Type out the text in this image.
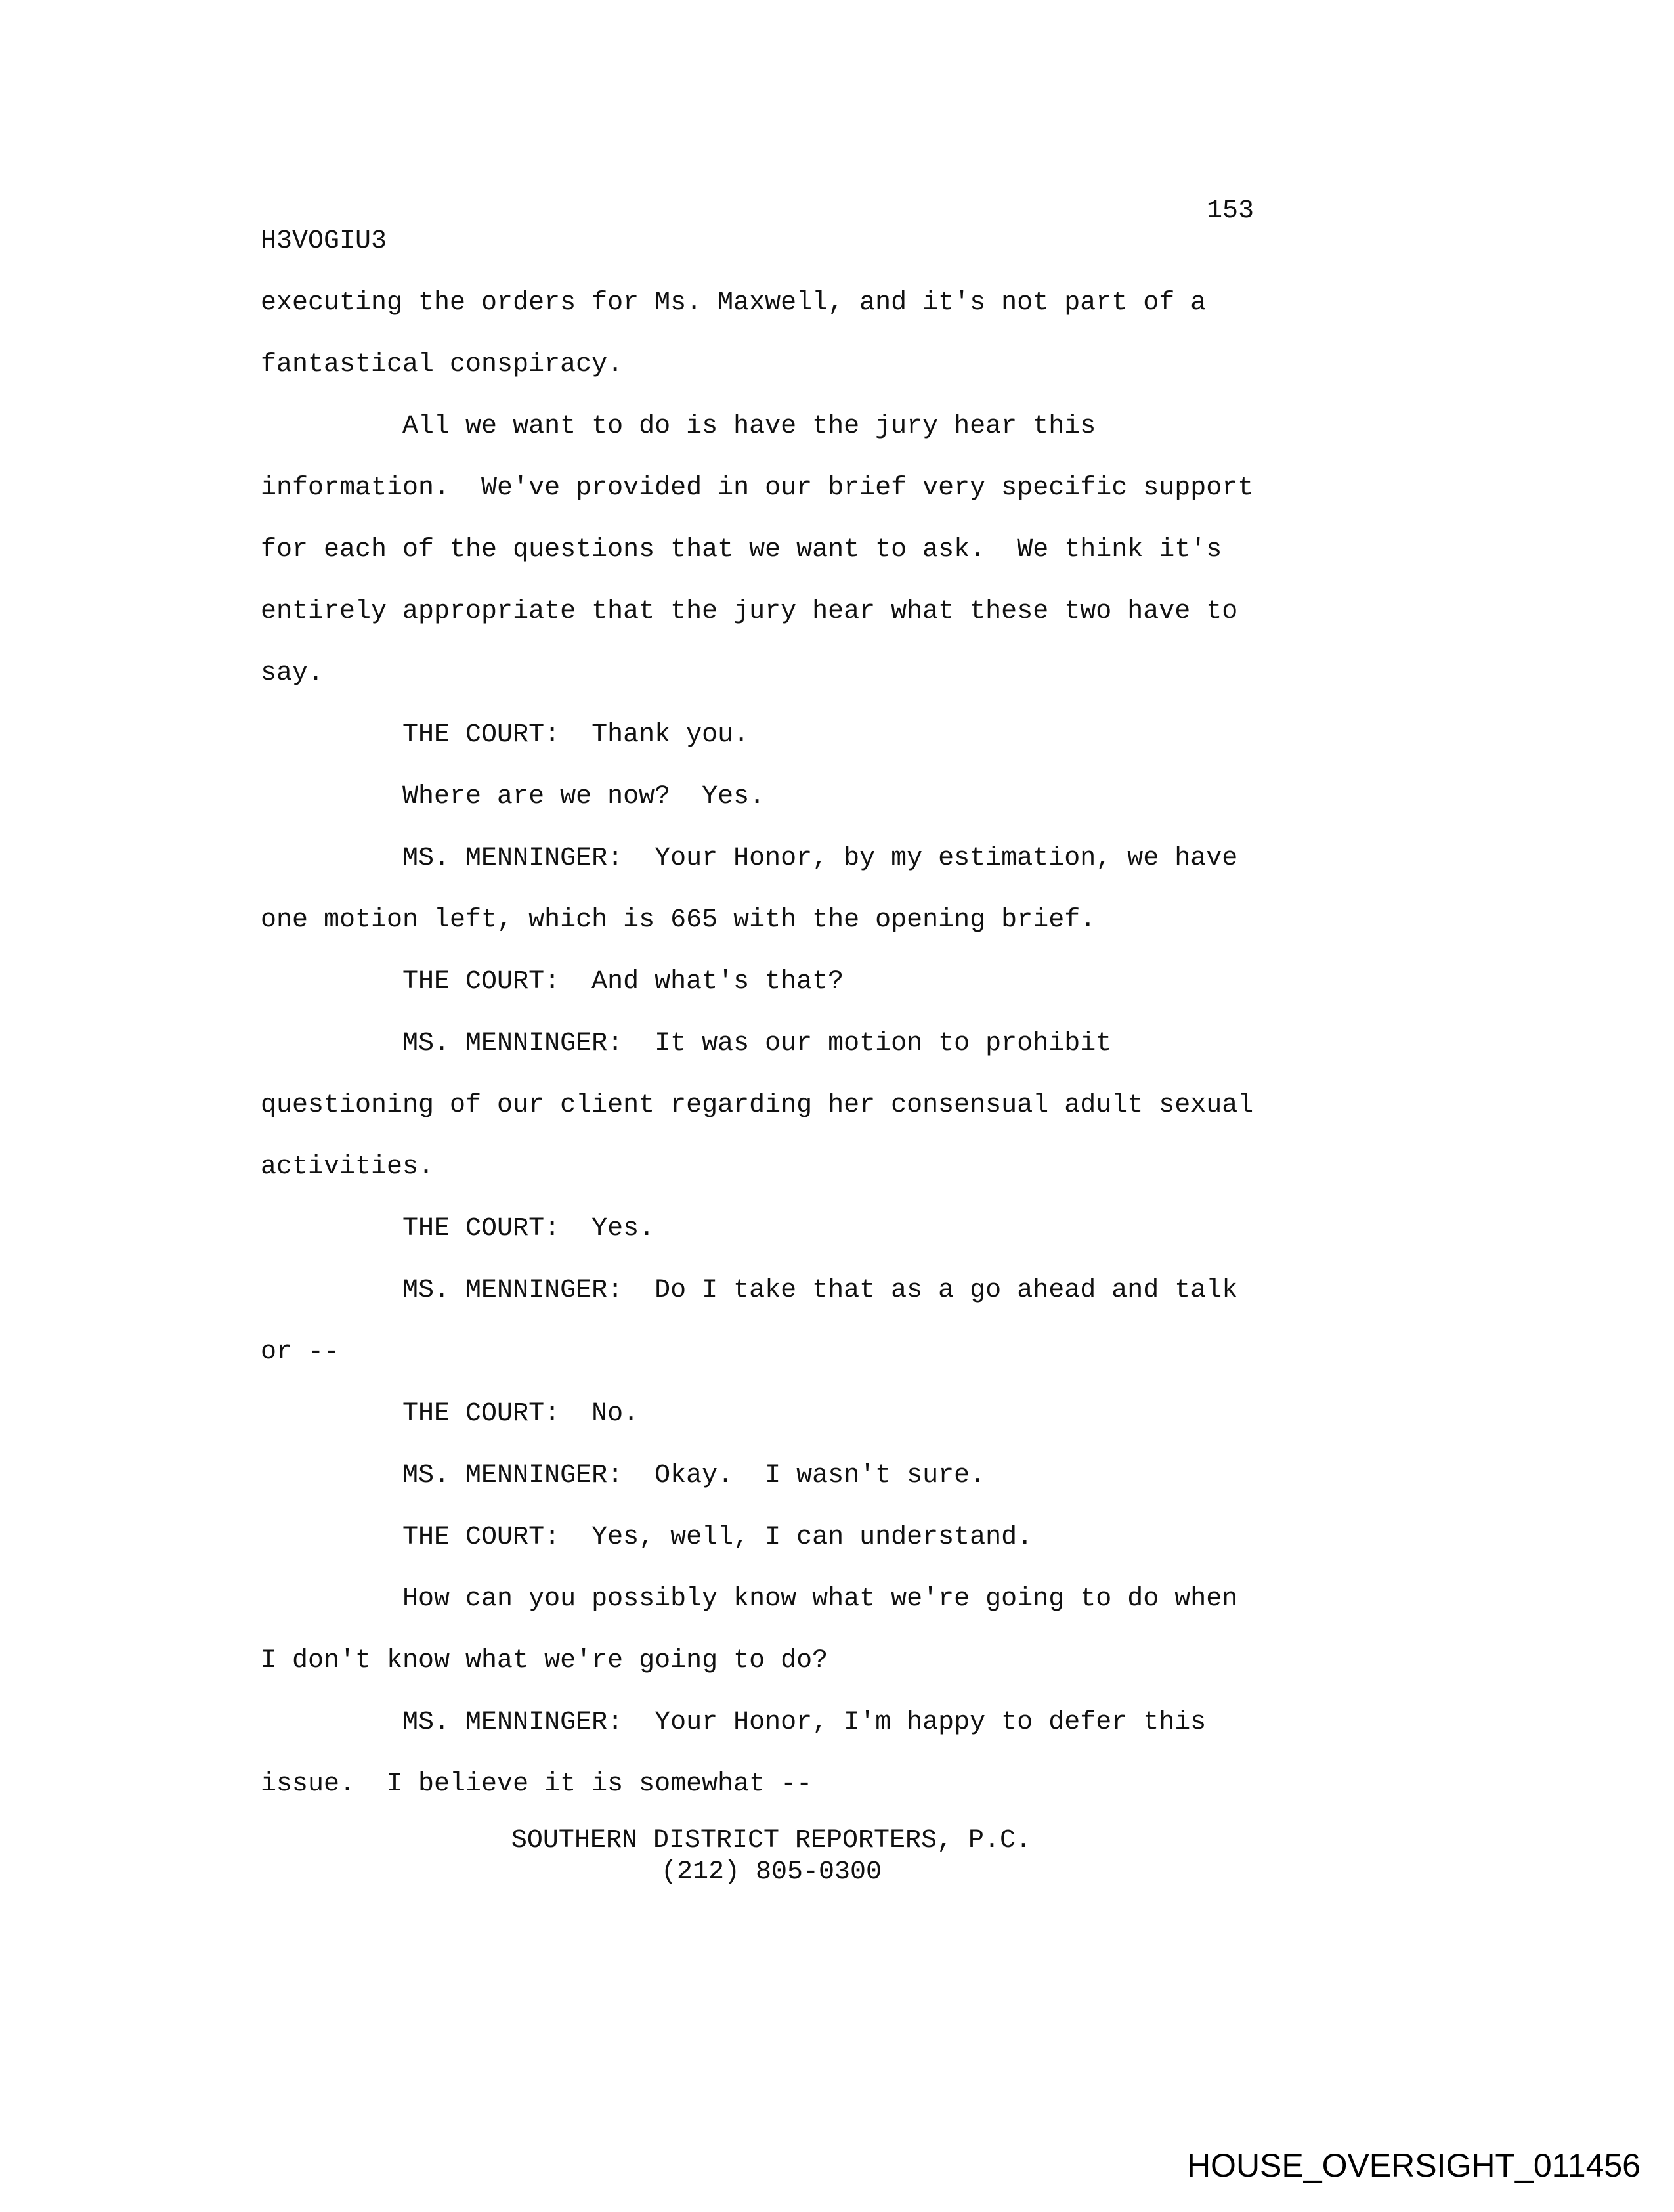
153
H3VOGIU3
executing the orders for Ms. Maxwell, and it's not part of a
fantastical conspiracy.
All we want to do is have the jury hear this
information.  We've provided in our brief very specific support
for each of the questions that we want to ask.  We think it's
entirely appropriate that the jury hear what these two have to
say.
THE COURT:  Thank you.
Where are we now?  Yes.
MS. MENNINGER:  Your Honor, by my estimation, we have
one motion left, which is 665 with the opening brief.
THE COURT:  And what's that?
MS. MENNINGER:  It was our motion to prohibit
questioning of our client regarding her consensual adult sexual
activities.
THE COURT:  Yes.
MS. MENNINGER:  Do I take that as a go ahead and talk
or --
THE COURT:  No.
MS. MENNINGER:  Okay.  I wasn't sure.
THE COURT:  Yes, well, I can understand.
How can you possibly know what we're going to do when
I don't know what we're going to do?
MS. MENNINGER:  Your Honor, I'm happy to defer this
issue.  I believe it is somewhat --
SOUTHERN DISTRICT REPORTERS, P.C.
(212) 805-0300
HOUSE_OVERSIGHT_011456
